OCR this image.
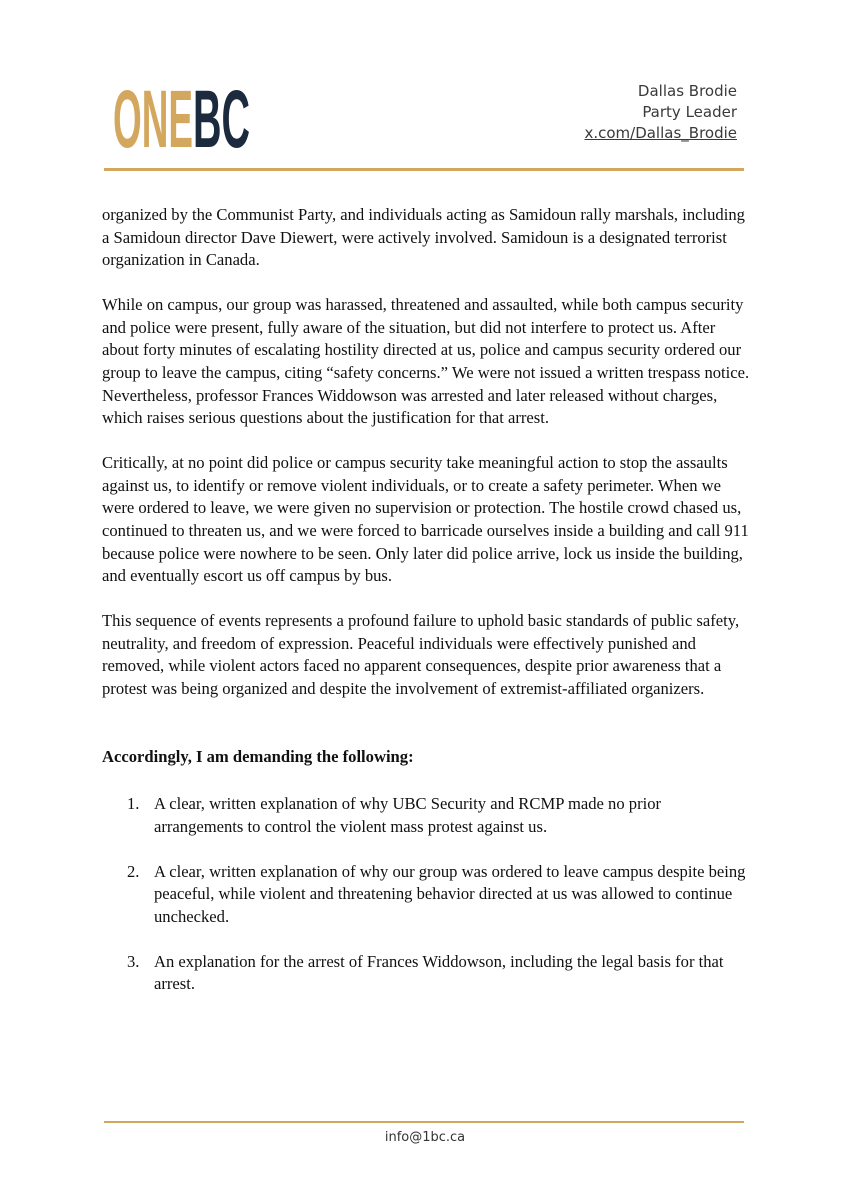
ONE BC	Dallas Brodie
Party Leader
x.com/Dallas_Brodie

organized by the Communist Party, and individuals acting as Samidoun rally marshals, including a Samidoun director Dave Diewert, were actively involved. Samidoun is a designated terrorist organization in Canada.

While on campus, our group was harassed, threatened and assaulted, while both campus security and police were present, fully aware of the situation, but did not interfere to protect us. After about forty minutes of escalating hostility directed at us, police and campus security ordered our group to leave the campus, citing “safety concerns.” We were not issued a written trespass notice. Nevertheless, professor Frances Widdowson was arrested and later released without charges, which raises serious questions about the justification for that arrest.

Critically, at no point did police or campus security take meaningful action to stop the assaults against us, to identify or remove violent individuals, or to create a safety perimeter. When we were ordered to leave, we were given no supervision or protection. The hostile crowd chased us, continued to threaten us, and we were forced to barricade ourselves inside a building and call 911 because police were nowhere to be seen. Only later did police arrive, lock us inside the building, and eventually escort us off campus by bus.

This sequence of events represents a profound failure to uphold basic standards of public safety, neutrality, and freedom of expression. Peaceful individuals were effectively punished and removed, while violent actors faced no apparent consequences, despite prior awareness that a protest was being organized and despite the involvement of extremist-affiliated organizers.

Accordingly, I am demanding the following:

1. A clear, written explanation of why UBC Security and RCMP made no prior arrangements to control the violent mass protest against us.
2. A clear, written explanation of why our group was ordered to leave campus despite being peaceful, while violent and threatening behavior directed at us was allowed to continue unchecked.
3. An explanation for the arrest of Frances Widdowson, including the legal basis for that arrest.
info@1bc.ca
